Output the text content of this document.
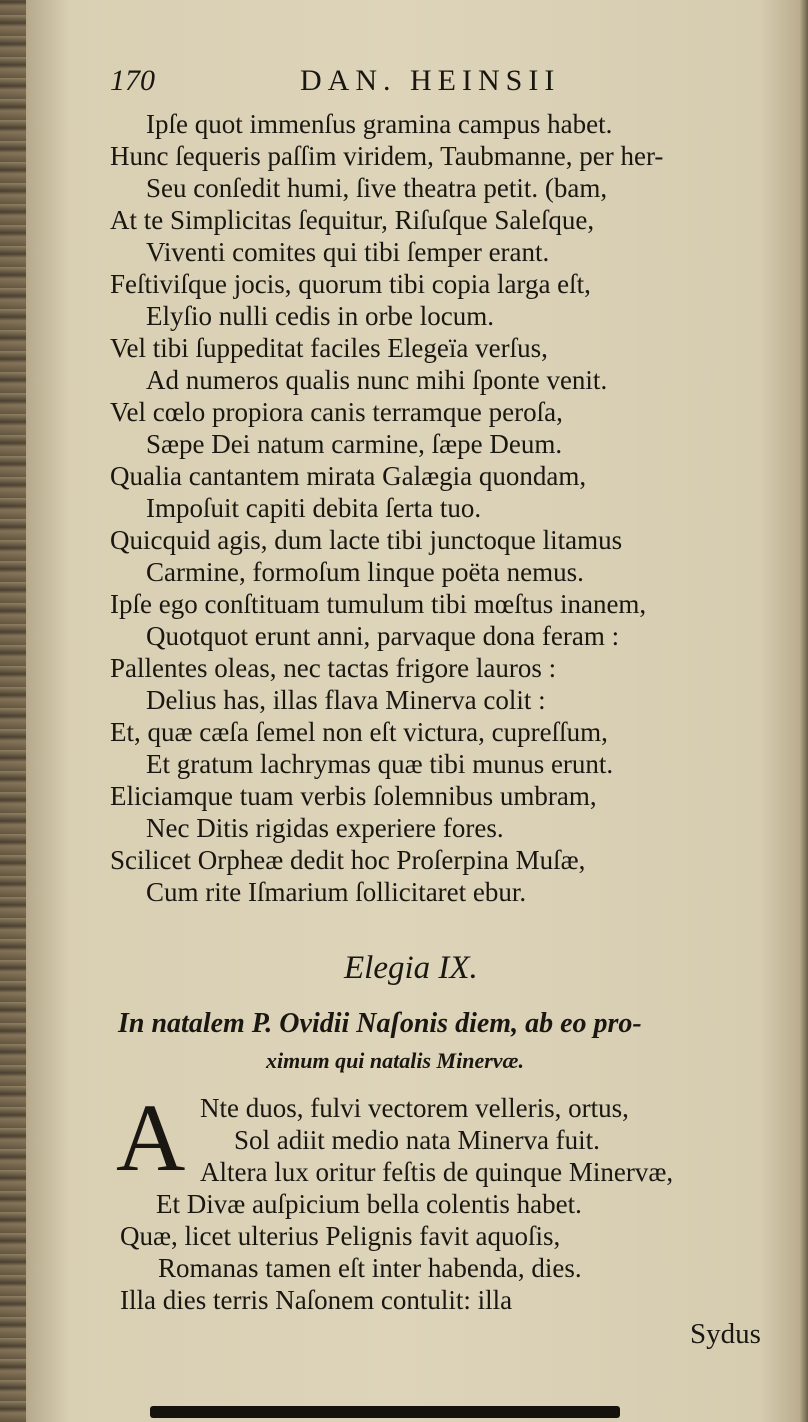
170	DAN. HEINSII
Ipſe quot immenſus gramina campus habet.
Hunc ſequeris paſſim viridem, Taubmanne, per her-
Seu conſedit humi, ſive theatra petit. (bam,
At te Simplicitas ſequitur, Riſuſque Saleſque,
Viventi comites qui tibi ſemper erant.
Feſtiviſque jocis, quorum tibi copia larga eſt,
Elyſio nulli cedis in orbe locum.
Vel tibi ſuppeditat faciles Elegeïa verſus,
Ad numeros qualis nunc mihi ſponte venit.
Vel cœlo propiora canis terramque peroſa,
Sæpe Dei natum carmine, ſæpe Deum.
Qualia cantantem mirata Galægia quondam,
Impoſuit capiti debita ſerta tuo.
Quicquid agis, dum lacte tibi junctoque litamus
Carmine, formoſum linque poëta nemus.
Ipſe ego conſtituam tumulum tibi mœſtus inanem,
Quotquot erunt anni, parvaque dona feram :
Pallentes oleas, nec tactas frigore lauros :
Delius has, illas flava Minerva colit :
Et, quæ cæſa ſemel non eſt victura, cupreſſum,
Et gratum lachrymas quæ tibi munus erunt.
Eliciamque tuam verbis ſolemnibus umbram,
Nec Ditis rigidas experiere fores.
Scilicet Orpheæ dedit hoc Proſerpina Muſæ,
Cum rite Iſmarium ſollicitaret ebur.
Elegia IX.
In natalem P. Ovidii Naſonis diem, ab eo pro-
ximum qui natalis Minervæ.
A Nte duos, fulvi vectorem velleris, ortus,
Sol adiit medio nata Minerva fuit.
Altera lux oritur feſtis de quinque Minervæ,
Et Divæ auſpicium bella colentis habet.
Quæ, licet ulterius Pelignis favit aquoſis,
Romanas tamen eſt inter habenda, dies.
Illa dies terris Naſonem contulit: illa
Sydus
